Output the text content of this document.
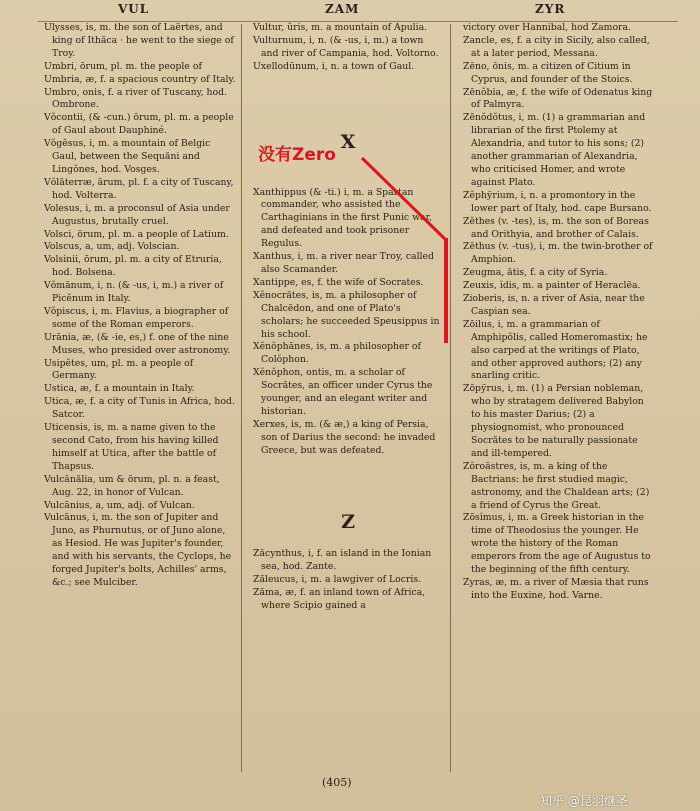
VUL	ZAM	ZYR

Ulysses, is, m. the son of Laërtes, and king of Ithăca · he went to the siege of Troy.

Umbri, ōrum, pl. m. the people of

Umbria, æ, f. a spacious country of Italy.

Umbro, onis, f. a river of Tuscany, hod. Ombrone.

Vŏcontii, (& -cun.) ōrum, pl. m. a people of Gaul about Dauphiné.

Vŏgĕsus, i, m. a mountain of Belgic Gaul, between the Sequăni and Lingŏnes, hod. Vosges.

Vŏlāterræ, ārum, pl. f. a city of Tuscany, hod. Volterra.

Volesus, i, m. a proconsul of Asia under Augustus, brutally cruel.

Volsci, ōrum, pl. m. a people of Latium.

Volscus, a, um, adj. Volscian.

Volsinii, ōrum, pl. m. a city of Etruria, hod. Bolsena.

Vŏmānum, i, n. (& -us, i, m.) a river of Picĕnum in Italy.

Vŏpiscus, i, m. Flavius, a biographer of some of the Roman emperors.

Urānia, æ, (& -ie, es,) f. one of the nine Muses, who presided over astronomy.

Usipĕtes, um, pl. m. a people of Germany.

Ustica, æ, f. a mountain in Italy.

Utica, æ, f. a city of Tunis in Africa, hod. Satcor.

Uticensis, is, m. a name given to the second Cato, from his having killed himself at Utica, after the battle of Thapsus.

Vulcānālia, um & ōrum, pl. n. a feast, Aug. 22, in honor of Vulcan.

Vulcānius, a, um, adj. of Vulcan.

Vulcānus, i, m. the son of Jupiter and Juno, as Phurnutus, or of Juno alone, as Hesiod. He was Jupiter's founder, and with his servants, the Cyclops, he forged Jupiter's bolts, Achilles' arms, &c.; see Mulciber.

Vultur, ŭris, m. a mountain of Apulia.

Vulturnum, i, n. (& -us, i, m.) a town and river of Campania, hod. Voltorno.

Uxellodūnum, i, n. a town of Gaul.

X

Xanthippus (& -ti.) i, m. a Spartan commander, who assisted the Carthaginians in the first Punic war, and defeated and took prisoner Regulus.

Xanthus, i, m. a river near Troy, called also Scamander.

Xantippe, es, f. the wife of Socrates.

Xĕnocrătes, is, m. a philosopher of Chalcēdon, and one of Plato's scholars; he succeeded Speusippus in his school.

Xĕnŏphānes, is, m. a philosopher of Colŏphon.

Xĕnŏphon, ontis, m. a scholar of Socrătes, an officer under Cyrus the younger, and an elegant writer and historian.

Xerxes, is, m. (& æ,) a king of Persia, son of Darius the second: he invaded Greece, but was defeated.

Z

Zăcynthus, i, f. an island in the Ionian sea, hod. Zante.

Zăleucus, i, m. a lawgiver of Locris.

Zăma, æ, f. an inland town of Africa, where Scipio gained a

victory over Hannibal, hod Zamora.

Zancle, es, f. a city in Sicily, also called, at a later period, Messana.

Zēno, ōnis, m. a citizen of Citium in Cyprus, and founder of the Stoics.

Zēnŏbia, æ, f. the wife of Odenatus king of Palmyra.

Zēnŏdŏtus, i, m. (1) a grammarian and librarian of the first Ptolemy at Alexandria, and tutor to his sons; (2) another grammarian of Alexandria, who criticised Homer, and wrote against Plato.

Zĕphўrium, i, n. a promontory in the lower part of Italy, hod. cape Bursano.

Zĕthes (v. -tes), is, m. the son of Boreas and Orithyia, and brother of Calais.

Zēthus (v. -tus), i, m. the twin-brother of Amphion.

Zeugma, ătis, f. a city of Syria.

Zeuxis, ĭdis, m. a painter of Heraclēa.

Zioberis, is, n. a river of Asia, near the Caspian sea.

Zōilus, i, m. a grammarian of Amphipŏlis, called Homeromastix; he also carped at the writings of Plato, and other approved authors; (2) any snarling critic.

Zōpўrus, i, m. (1) a Persian nobleman, who by stratagem delivered Babylon to his master Darius; (2) a physiognomist, who pronounced Socrătes to be naturally passionate and ill-tempered.

Zŏroāstres, is, m. a king of the Bactrians: he first studied magic, astronomy, and the Chaldean arts; (2) a friend of Cyrus the Great.

Zōsĭmus, i, m. a Greek historian in the time of Theodosius the younger. He wrote the history of the Roman emperors from the age of Augustus to the beginning of the fifth century.

Zyras, æ, m. a river of Mæsia that runs into the Euxine, hod. Varne.

(405)
没有Zero
知乎 @昆羽继圣
